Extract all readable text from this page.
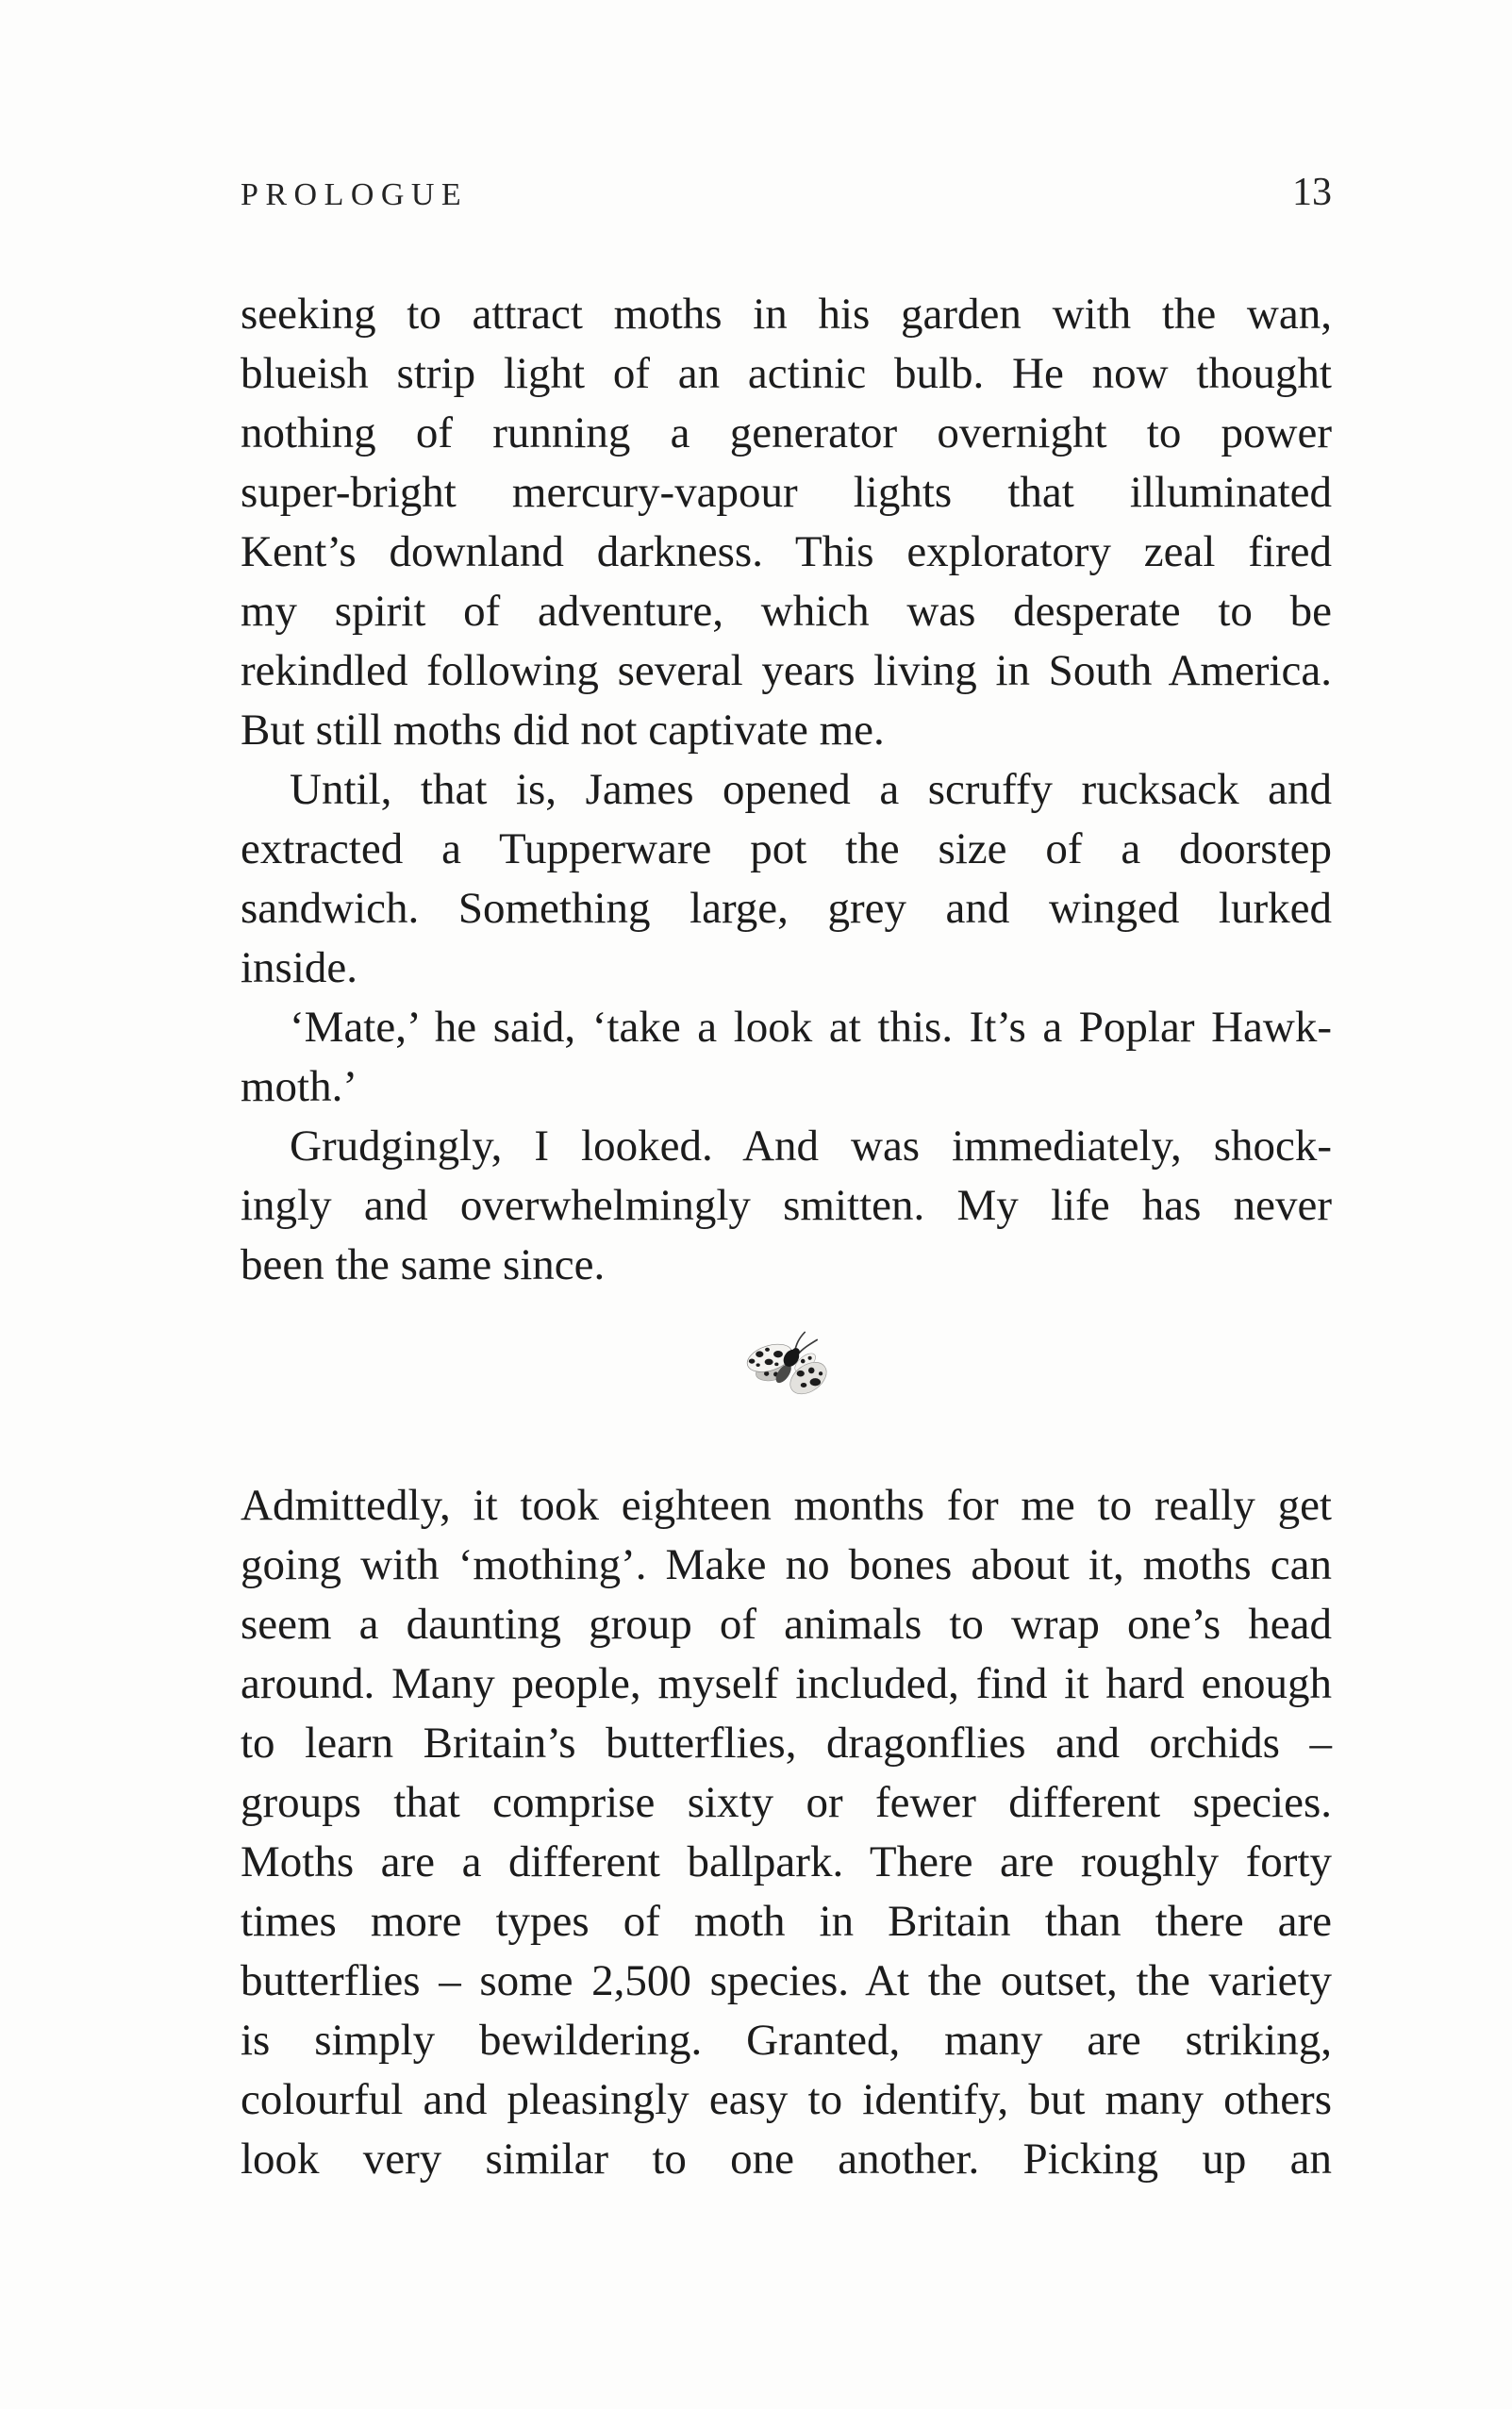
PROLOGUE	13
seeking to attract moths in his garden with the wan,
blueish strip light of an actinic bulb. He now thought
nothing of running a generator overnight to power
super-bright mercury-vapour lights that illuminated
Kent’s downland darkness. This exploratory zeal fired
my spirit of adventure, which was desperate to be
rekindled following several years living in South America.
But still moths did not captivate me.
Until, that is, James opened a scruffy rucksack and
extracted a Tupperware pot the size of a doorstep
sandwich. Something large, grey and winged lurked
inside.
‘Mate,’ he said, ‘take a look at this. It’s a Poplar Hawk-
moth.’
Grudgingly, I looked. And was immediately, shock-
ingly and overwhelmingly smitten. My life has never
been the same since.
Admittedly, it took eighteen months for me to really get
going with ‘mothing’. Make no bones about it, moths can
seem a daunting group of animals to wrap one’s head
around. Many people, myself included, find it hard enough
to learn Britain’s butterflies, dragonflies and orchids –
groups that comprise sixty or fewer different species.
Moths are a different ballpark. There are roughly forty
times more types of moth in Britain than there are
butterflies – some 2,500 species. At the outset, the variety
is simply bewildering. Granted, many are striking,
colourful and pleasingly easy to identify, but many others
look very similar to one another. Picking up an
